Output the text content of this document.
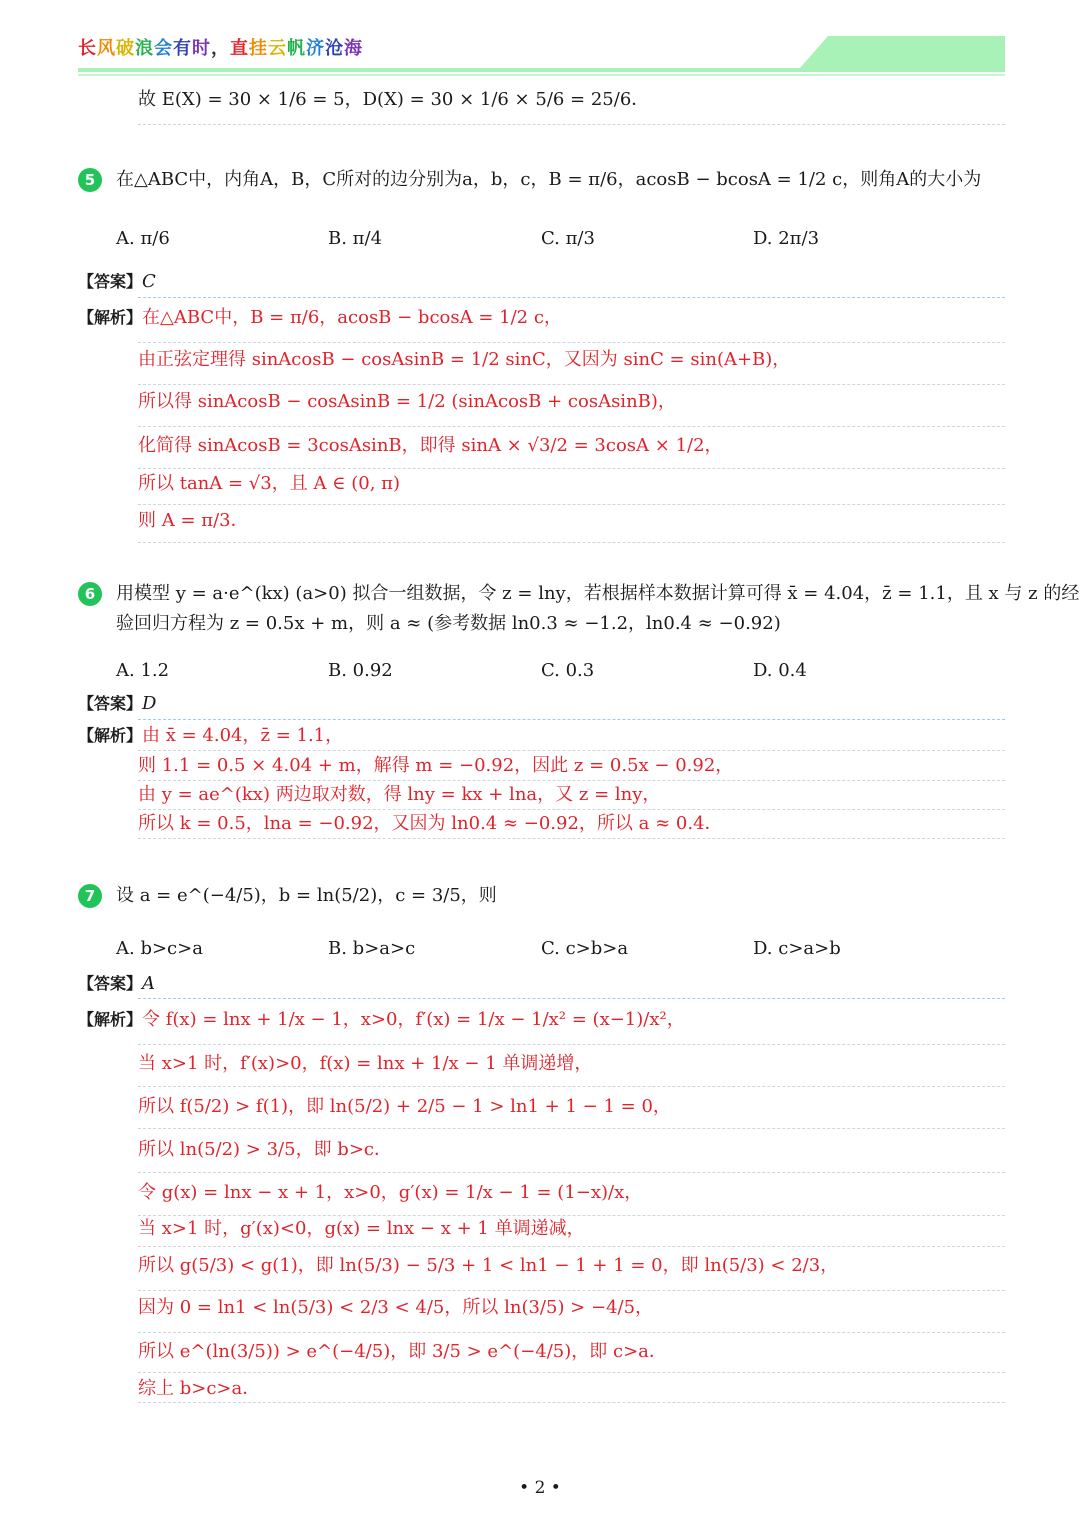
长风破浪会有时，直挂云帆济沧海
故 E(X) = 30 × 1/6 = 5，D(X) = 30 × 1/6 × 5/6 = 25/6．
5 在△ABC中，内角A，B，C所对的边分别为a，b，c，B = π/6，acosB − bcosA = 1/2 c，则角A的大小为
A. π/6	B. π/4	C. π/3	D. 2π/3
【答案】C
【解析】在△ABC中，B = π/6，acosB − bcosA = 1/2 c，
由正弦定理得 sinAcosB − cosAsinB = 1/2 sinC，又因为 sinC = sin(A+B)，
所以得 sinAcosB − cosAsinB = 1/2 (sinAcosB + cosAsinB)，
化简得 sinAcosB = 3cosAsinB，即得 sinA × √3/2 = 3cosA × 1/2，
所以 tanA = √3，且 A ∈ (0, π)
则 A = π/3．
6 用模型 y = a·e^(kx) (a>0) 拟合一组数据，令 z = lny，若根据样本数据计算可得 x̄ = 4.04，z̄ = 1.1，且 x 与 z 的经
验回归方程为 z = 0.5x + m，则 a ≈ (参考数据 ln0.3 ≈ −1.2，ln0.4 ≈ −0.92)
A. 1.2	B. 0.92	C. 0.3	D. 0.4
【答案】D
【解析】由 x̄ = 4.04，z̄ = 1.1，
则 1.1 = 0.5 × 4.04 + m，解得 m = −0.92，因此 z = 0.5x − 0.92，
由 y = ae^(kx) 两边取对数，得 lny = kx + lna，又 z = lny，
所以 k = 0.5，lna = −0.92，又因为 ln0.4 ≈ −0.92，所以 a ≈ 0.4．
7 设 a = e^(−4/5)，b = ln(5/2)，c = 3/5，则
A. b>c>a	B. b>a>c	C. c>b>a	D. c>a>b
【答案】A
【解析】令 f(x) = lnx + 1/x − 1，x>0，f′(x) = 1/x − 1/x² = (x−1)/x²，
当 x>1 时，f′(x)>0，f(x) = lnx + 1/x − 1 单调递增，
所以 f(5/2) > f(1)，即 ln(5/2) + 2/5 − 1 > ln1 + 1 − 1 = 0，
所以 ln(5/2) > 3/5，即 b>c．
令 g(x) = lnx − x + 1，x>0，g′(x) = 1/x − 1 = (1−x)/x，
当 x>1 时，g′(x)<0，g(x) = lnx − x + 1 单调递减，
所以 g(5/3) < g(1)，即 ln(5/3) − 5/3 + 1 < ln1 − 1 + 1 = 0，即 ln(5/3) < 2/3，
因为 0 = ln1 < ln(5/3) < 2/3 < 4/5，所以 ln(3/5) > −4/5，
所以 e^(ln(3/5)) > e^(−4/5)，即 3/5 > e^(−4/5)，即 c>a．
综上 b>c>a．
• 2 •
